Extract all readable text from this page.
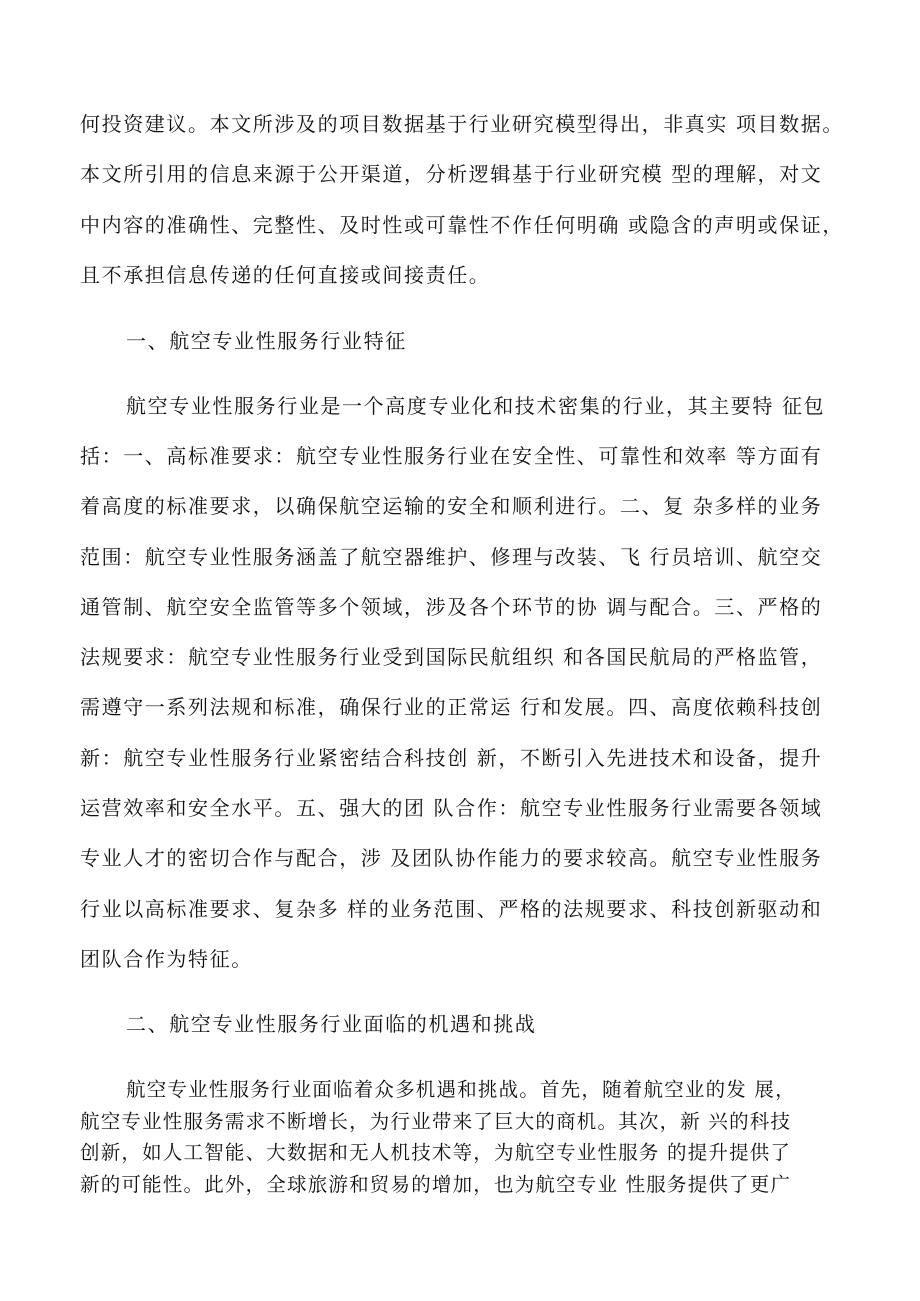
何投资建议。本文所涉及的项目数据基于行业研究模型得出，非真实 项目数据。
本文所引用的信息来源于公开渠道，分析逻辑基于行业研究模 型的理解，对文
中内容的准确性、完整性、及时性或可靠性不作任何明确 或隐含的声明或保证，
且不承担信息传递的任何直接或间接责任。
一、航空专业性服务行业特征
航空专业性服务行业是一个高度专业化和技术密集的行业，其主要特 征包
括：一、高标准要求：航空专业性服务行业在安全性、可靠性和效率 等方面有
着高度的标准要求，以确保航空运输的安全和顺利进行。二、复 杂多样的业务
范围：航空专业性服务涵盖了航空器维护、修理与改装、飞 行员培训、航空交
通管制、航空安全监管等多个领域，涉及各个环节的协 调与配合。三、严格的
法规要求：航空专业性服务行业受到国际民航组织 和各国民航局的严格监管，
需遵守一系列法规和标准，确保行业的正常运 行和发展。四、高度依赖科技创
新：航空专业性服务行业紧密结合科技创 新，不断引入先进技术和设备，提升
运营效率和安全水平。五、强大的团 队合作：航空专业性服务行业需要各领域
专业人才的密切合作与配合，涉 及团队协作能力的要求较高。航空专业性服务
行业以高标准要求、复杂多 样的业务范围、严格的法规要求、科技创新驱动和
团队合作为特征。
二、航空专业性服务行业面临的机遇和挑战
航空专业性服务行业面临着众多机遇和挑战。首先，随着航空业的发 展，
航空专业性服务需求不断增长，为行业带来了巨大的商机。其次，新 兴的科技
创新，如人工智能、大数据和无人机技术等，为航空专业性服务 的提升提供了
新的可能性。此外，全球旅游和贸易的增加，也为航空专业 性服务提供了更广
